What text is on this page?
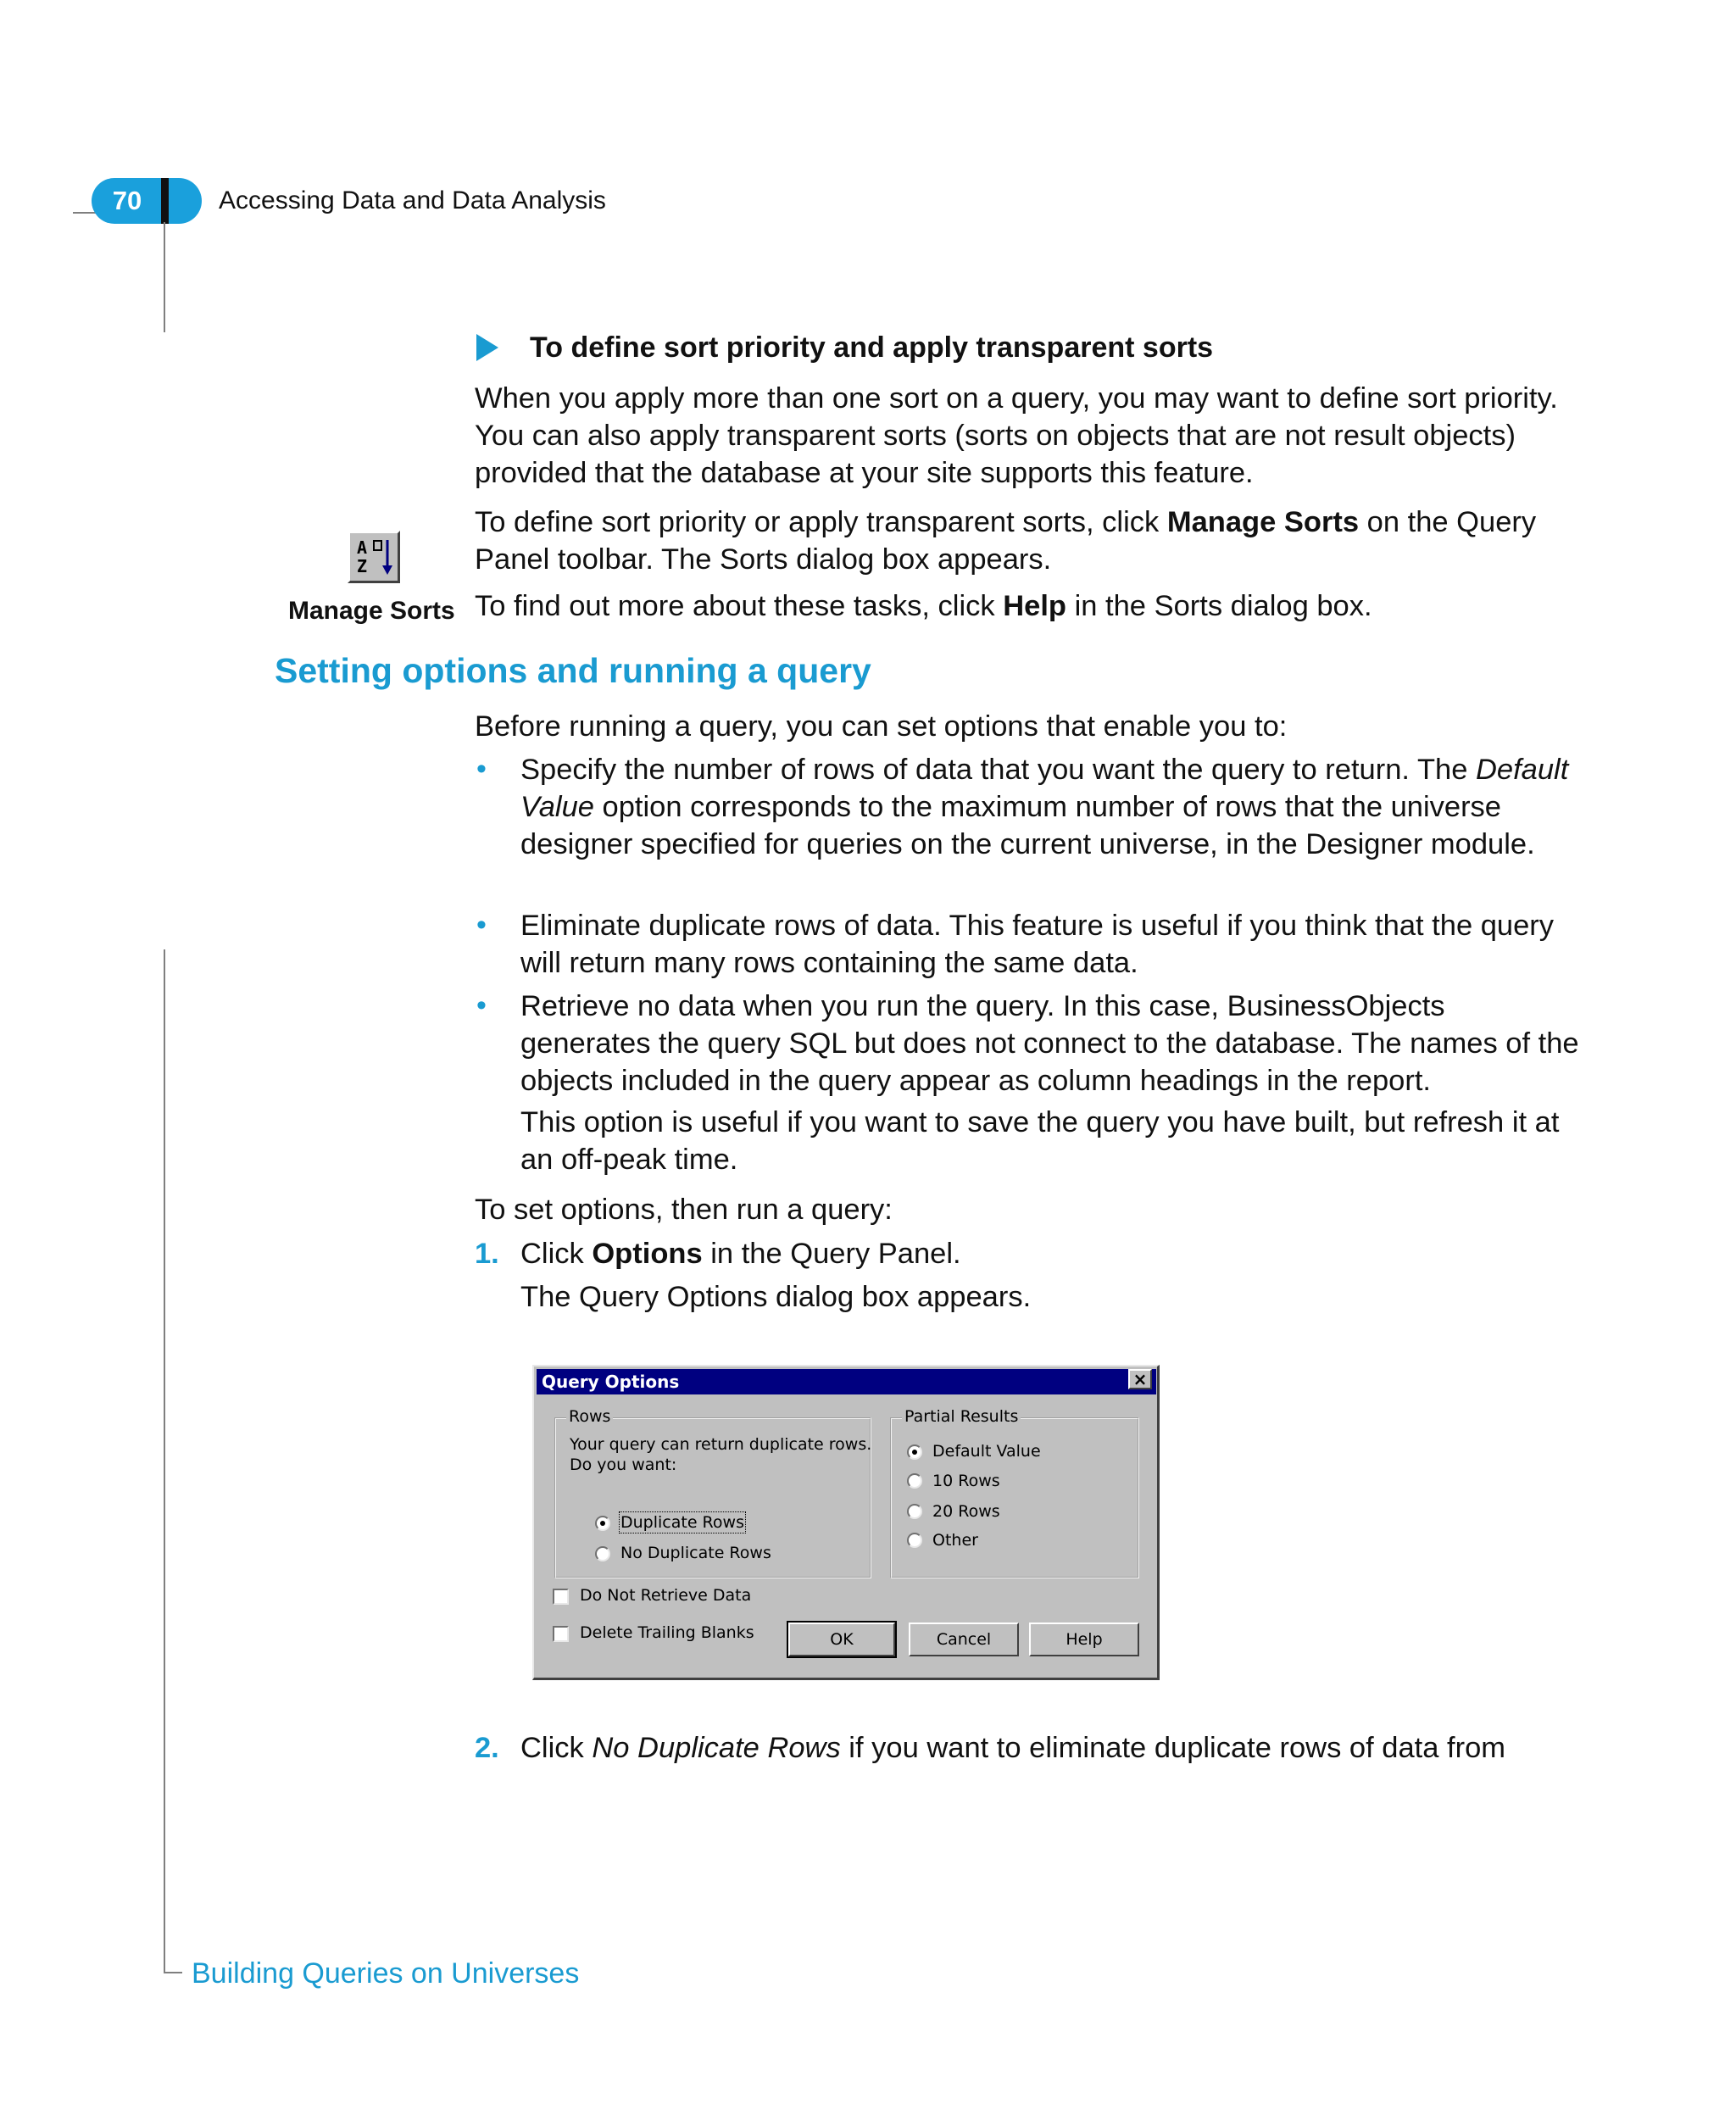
70	Accessing Data and Data Analysis
To define sort priority and apply transparent sorts
When you apply more than one sort on a query, you may want to define sort priority. You can also apply transparent sorts (sorts on objects that are not result objects) provided that the database at your site supports this feature.
To define sort priority or apply transparent sorts, click Manage Sorts on the Query Panel toolbar. The Sorts dialog box appears.
A
Z
To find out more about these tasks, click Help in the Sorts dialog box.
Manage Sorts
Setting options and running a query
Before running a query, you can set options that enable you to:
• Specify the number of rows of data that you want the query to return. The Default Value option corresponds to the maximum number of rows that the universe designer specified for queries on the current universe, in the Designer module.
• Eliminate duplicate rows of data. This feature is useful if you think that the query will return many rows containing the same data.
• Retrieve no data when you run the query. In this case, BusinessObjects generates the query SQL but does not connect to the database. The names of the objects included in the query appear as column headings in the report.
This option is useful if you want to save the query you have built, but refresh it at an off-peak time.
To set options, then run a query:
1. Click Options in the Query Panel.
The Query Options dialog box appears.
Query Options	×
Rows
Your query can return duplicate rows.
Do you want:
Duplicate Rows
No Duplicate Rows
Partial Results
Default Value
10 Rows
20 Rows
Other
Do Not Retrieve Data
Delete Trailing Blanks	OK	Cancel	Help
2. Click No Duplicate Rows if you want to eliminate duplicate rows of data from
Building Queries on Universes
